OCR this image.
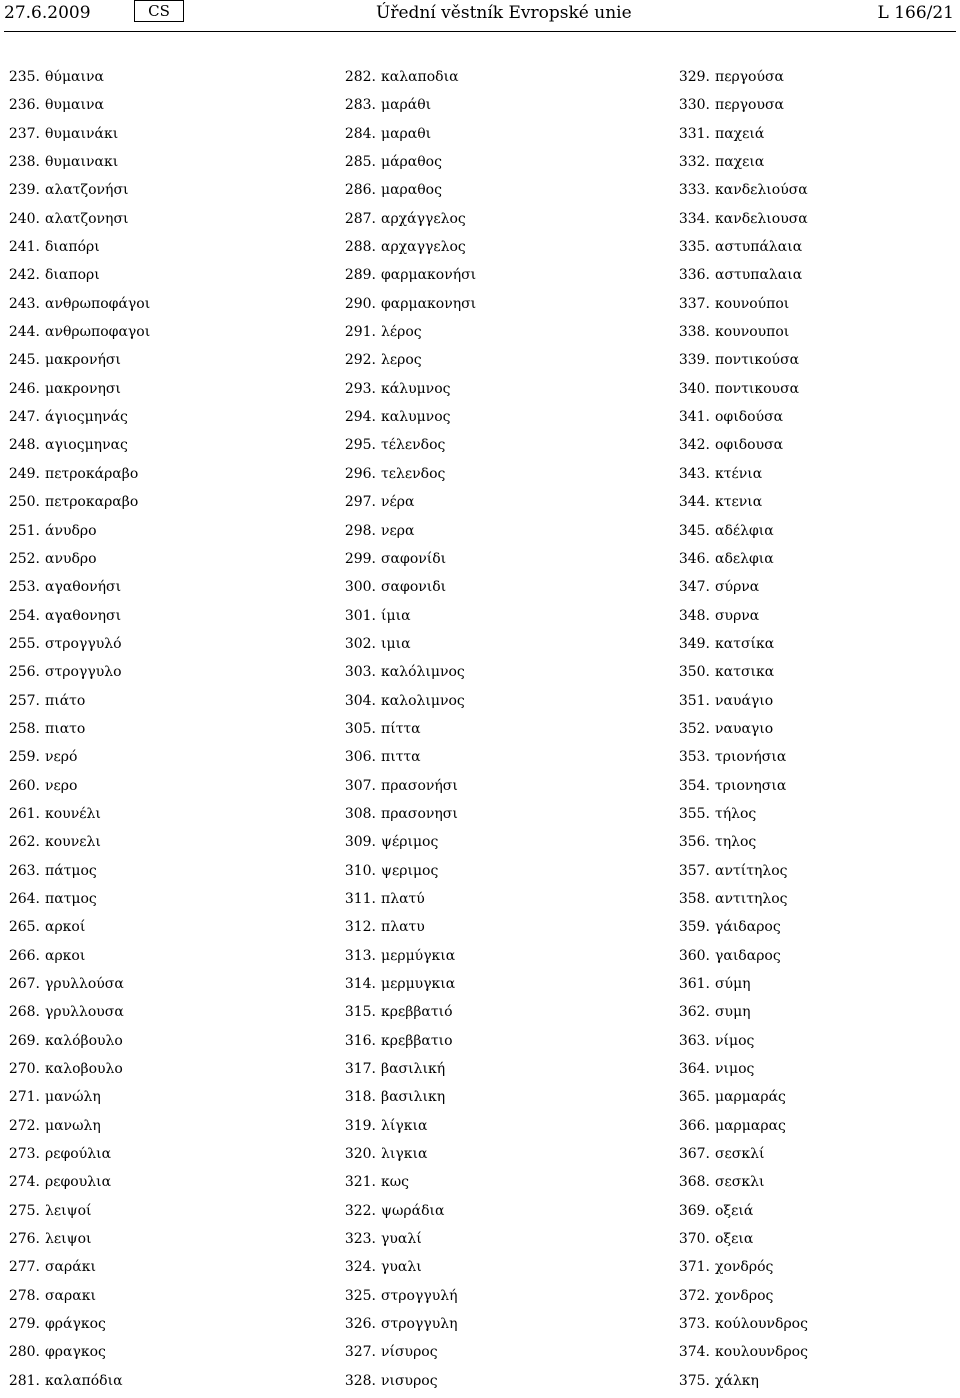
27.6.2009	CS	Úřední věstník Evropské unie	L 166/21
235. θύμαινα
236. θυμαινα
237. θυμαινάκι
238. θυμαινακι
239. αλατζονήσι
240. αλατζονησι
241. διαπόρι
242. διαπορι
243. ανθρωποφάγοι
244. ανθρωποφαγοι
245. μακρονήσι
246. μακρονησι
247. άγιοςμηνάς
248. αγιοςμηνας
249. πετροκάραβο
250. πετροκαραβο
251. άνυδρο
252. ανυδρο
253. αγαθονήσι
254. αγαθονησι
255. στρογγυλό
256. στρογγυλο
257. πιάτο
258. πιατο
259. νερό
260. νερο
261. κουνέλι
262. κουνελι
263. πάτμος
264. πατμος
265. αρκοί
266. αρκοι
267. γρυλλούσα
268. γρυλλουσα
269. καλόβουλο
270. καλοβουλο
271. μανώλη
272. μανωλη
273. ρεφούλια
274. ρεφουλια
275. λειψοί
276. λειψοι
277. σαράκι
278. σαρακι
279. φράγκος
280. φραγκος
281. καλαπόδια
282. καλαποδια
283. μαράθι
284. μαραθι
285. μάραθος
286. μαραθος
287. αρχάγγελος
288. αρχαγγελος
289. φαρμακονήσι
290. φαρμακονησι
291. λέρος
292. λερος
293. κάλυμνος
294. καλυμνος
295. τέλενδος
296. τελενδος
297. νέρα
298. νερα
299. σαφονίδι
300. σαφονιδι
301. ίμια
302. ιμια
303. καλόλιμνος
304. καλολιμνος
305. πίττα
306. πιττα
307. πρασονήσι
308. πρασονησι
309. ψέριμος
310. ψεριμος
311. πλατύ
312. πλατυ
313. μερμύγκια
314. μερμυγκια
315. κρεββατιό
316. κρεββατιο
317. βασιλική
318. βασιλικη
319. λίγκια
320. λιγκια
321. κως
322. ψωράδια
323. γυαλί
324. γυαλι
325. στρογγυλή
326. στρογγυλη
327. νίσυρος
328. νισυρος
329. περγούσα
330. περγουσα
331. παχειά
332. παχεια
333. κανδελιούσα
334. κανδελιουσα
335. αστυπάλαια
336. αστυπαλαια
337. κουνούποι
338. κουνουποι
339. ποντικούσα
340. ποντικουσα
341. οφιδούσα
342. οφιδουσα
343. κτένια
344. κτενια
345. αδέλφια
346. αδελφια
347. σύρνα
348. συρνα
349. κατσίκα
350. κατσικα
351. ναυάγιο
352. ναυαγιο
353. τριονήσια
354. τριονησια
355. τήλος
356. τηλος
357. αντίτηλος
358. αντιτηλος
359. γάιδαρος
360. γαιδαρος
361. σύμη
362. συμη
363. νίμος
364. νιμος
365. μαρμαράς
366. μαρμαρας
367. σεσκλί
368. σεσκλι
369. οξειά
370. οξεια
371. χονδρός
372. χονδρος
373. κούλουνδρος
374. κουλουνδρος
375. χάλκη
